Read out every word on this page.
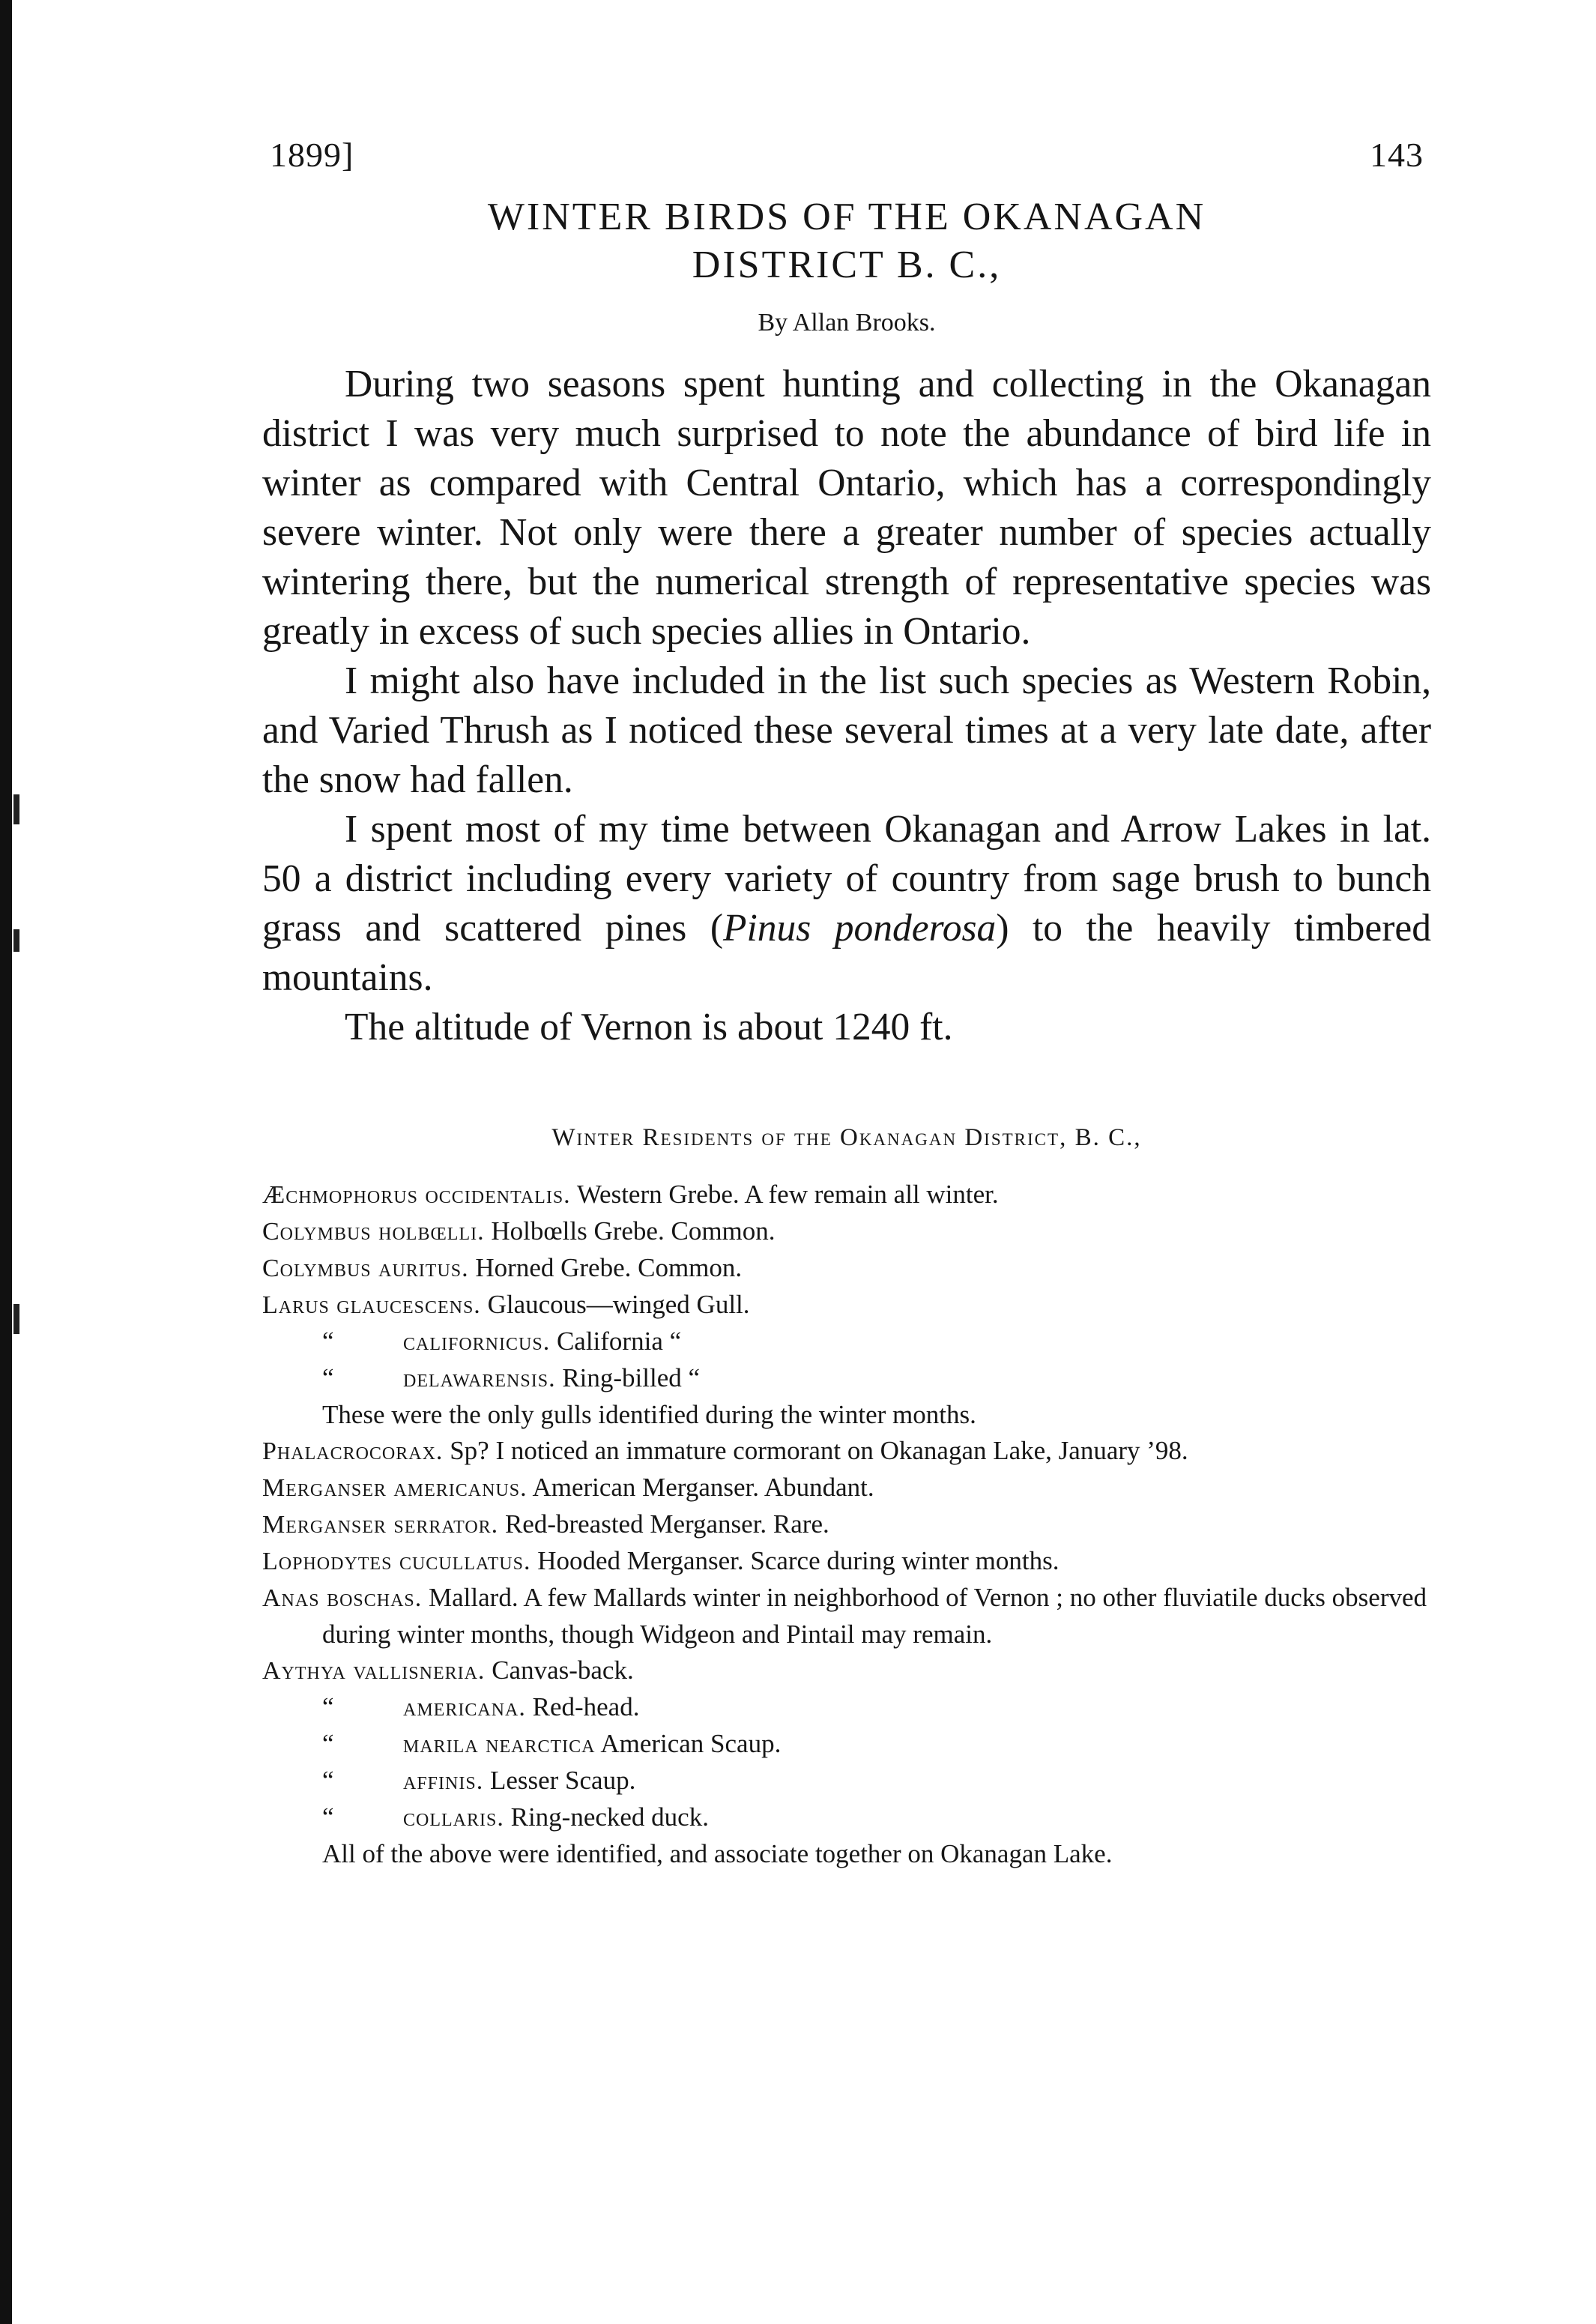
1899]	143
WINTER BIRDS OF THE OKANAGAN
DISTRICT B. C.,
By Allan Brooks.

During two seasons spent hunting and collecting in the Okanagan district I was very much surprised to note the abundance of bird life in winter as compared with Central Ontario, which has a correspondingly severe winter. Not only were there a greater number of species actually wintering there, but the numerical strength of representative species was greatly in excess of such species allies in Ontario.

I might also have included in the list such species as Western Robin, and Varied Thrush as I noticed these several times at a very late date, after the snow had fallen.

I spent most of my time between Okanagan and Arrow Lakes in lat. 50 a district including every variety of country from sage brush to bunch grass and scattered pines (Pinus ponderosa) to the heavily timbered mountains.

The altitude of Vernon is about 1240 ft.

Winter Residents of the Okanagan District, B. C.,
Æchmophorus occidentalis. Western Grebe. A few remain all winter.
Colymbus holbœlli. Holbœlls Grebe. Common.
Colymbus auritus. Horned Grebe. Common.
Larus glaucescens. Glaucous—winged Gull.
“	californicus. California “
“	delawarensis. Ring-billed “
These were the only gulls identified during the winter months.
Phalacrocorax. Sp? I noticed an immature cormorant on Okanagan Lake, January ’98.
Merganser americanus. American Merganser. Abundant.
Merganser serrator. Red-breasted Merganser. Rare.
Lophodytes cucullatus. Hooded Merganser. Scarce during winter months.
Anas boschas. Mallard. A few Mallards winter in neighborhood of Vernon ; no other fluviatile ducks observed during winter months, though Widgeon and Pintail may remain.
Aythya vallisneria. Canvas-back.
“	americana. Red-head.
“	marila nearctica American Scaup.
“	affinis. Lesser Scaup.
“	collaris. Ring-necked duck.
All of the above were identified, and associate together on Okanagan Lake.
